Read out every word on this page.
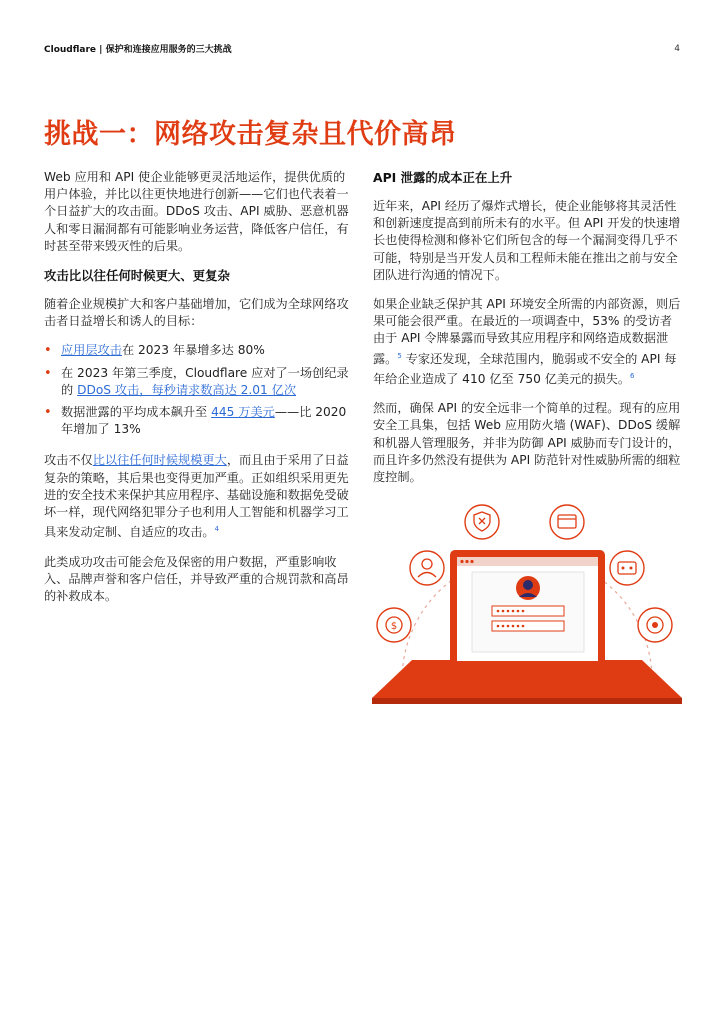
Cloudflare | 保护和连接应用服务的三大挑战	4
挑战一：网络攻击复杂且代价高昂

Web 应用和 API 使企业能够更灵活地运作，提供优质的用户体验，并比以往更快地进行创新——它们也代表着一个日益扩大的攻击面。DDoS 攻击、API 威胁、恶意机器人和零日漏洞都有可能影响业务运营，降低客户信任，有时甚至带来毁灭性的后果。

攻击比以往任何时候更大、更复杂

随着企业规模扩大和客户基础增加，它们成为全球网络攻击者日益增长和诱人的目标：

• 应用层攻击在 2023 年暴增多达 80%
• 在 2023 年第三季度，Cloudflare 应对了一场创纪录的 DDoS 攻击，每秒请求数高达 2.01 亿次
• 数据泄露的平均成本飙升至 445 万美元——比 2020 年增加了 13%

攻击不仅比以往任何时候规模更大，而且由于采用了日益复杂的策略，其后果也变得更加严重。正如组织采用更先进的安全技术来保护其应用程序、基础设施和数据免受破坏一样，现代网络犯罪分子也利用人工智能和机器学习工具来发动定制、自适应的攻击。$^4$

此类成功攻击可能会危及保密的用户数据，严重影响收入、品牌声誉和客户信任，并导致严重的合规罚款和高昂的补救成本。

API 泄露的成本正在上升

近年来，API 经历了爆炸式增长，使企业能够将其灵活性和创新速度提高到前所未有的水平。但 API 开发的快速增长也使得检测和修补它们所包含的每一个漏洞变得几乎不可能，特别是当开发人员和工程师未能在推出之前与安全团队进行沟通的情况下。

如果企业缺乏保护其 API 环境安全所需的内部资源，则后果可能会很严重。在最近的一项调查中，53% 的受访者由于 API 令牌暴露而导致其应用程序和网络造成数据泄露。$^5$ 专家还发现，全球范围内，脆弱或不安全的 API 每年给企业造成了 410 亿至 750 亿美元的损失。$^6$

然而，确保 API 的安全远非一个简单的过程。现有的应用安全工具集，包括 Web 应用防火墙 (WAF)、DDoS 缓解和机器人管理服务，并非为防御 API 威胁而专门设计的，而且许多仍然没有提供为 API 防范针对性威胁所需的细粒度控制。

$
